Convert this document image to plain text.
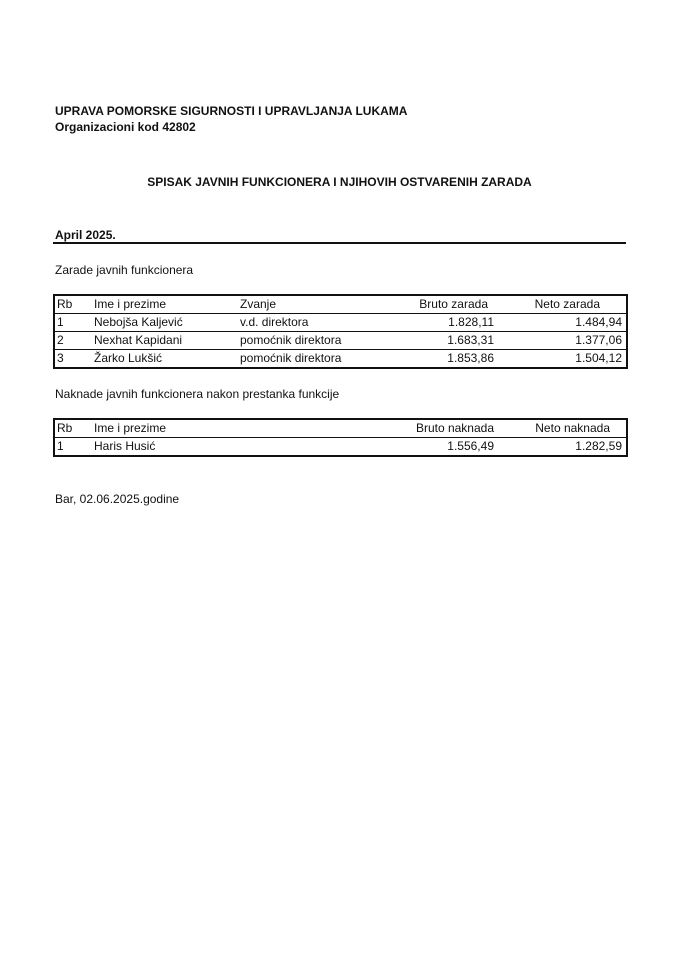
UPRAVA POMORSKE SIGURNOSTI I UPRAVLJANJA LUKAMA
Organizacioni kod 42802
SPISAK JAVNIH FUNKCIONERA I NJIHOVIH OSTVARENIH ZARADA
April 2025.
Zarade javnih funkcionera
Rb	Ime i prezime	Zvanje	Bruto zarada	Neto zarada
1	Nebojša Kaljević	v.d. direktora	1.828,11	1.484,94
2	Nexhat Kapidani	pomoćnik direktora	1.683,31	1.377,06
3	Žarko Lukšić	pomoćnik direktora	1.853,86	1.504,12
Naknade javnih funkcionera nakon prestanka funkcije
Rb	Ime i prezime	Bruto naknada	Neto naknada
1	Haris Husić	1.556,49	1.282,59
Bar, 02.06.2025.godine
